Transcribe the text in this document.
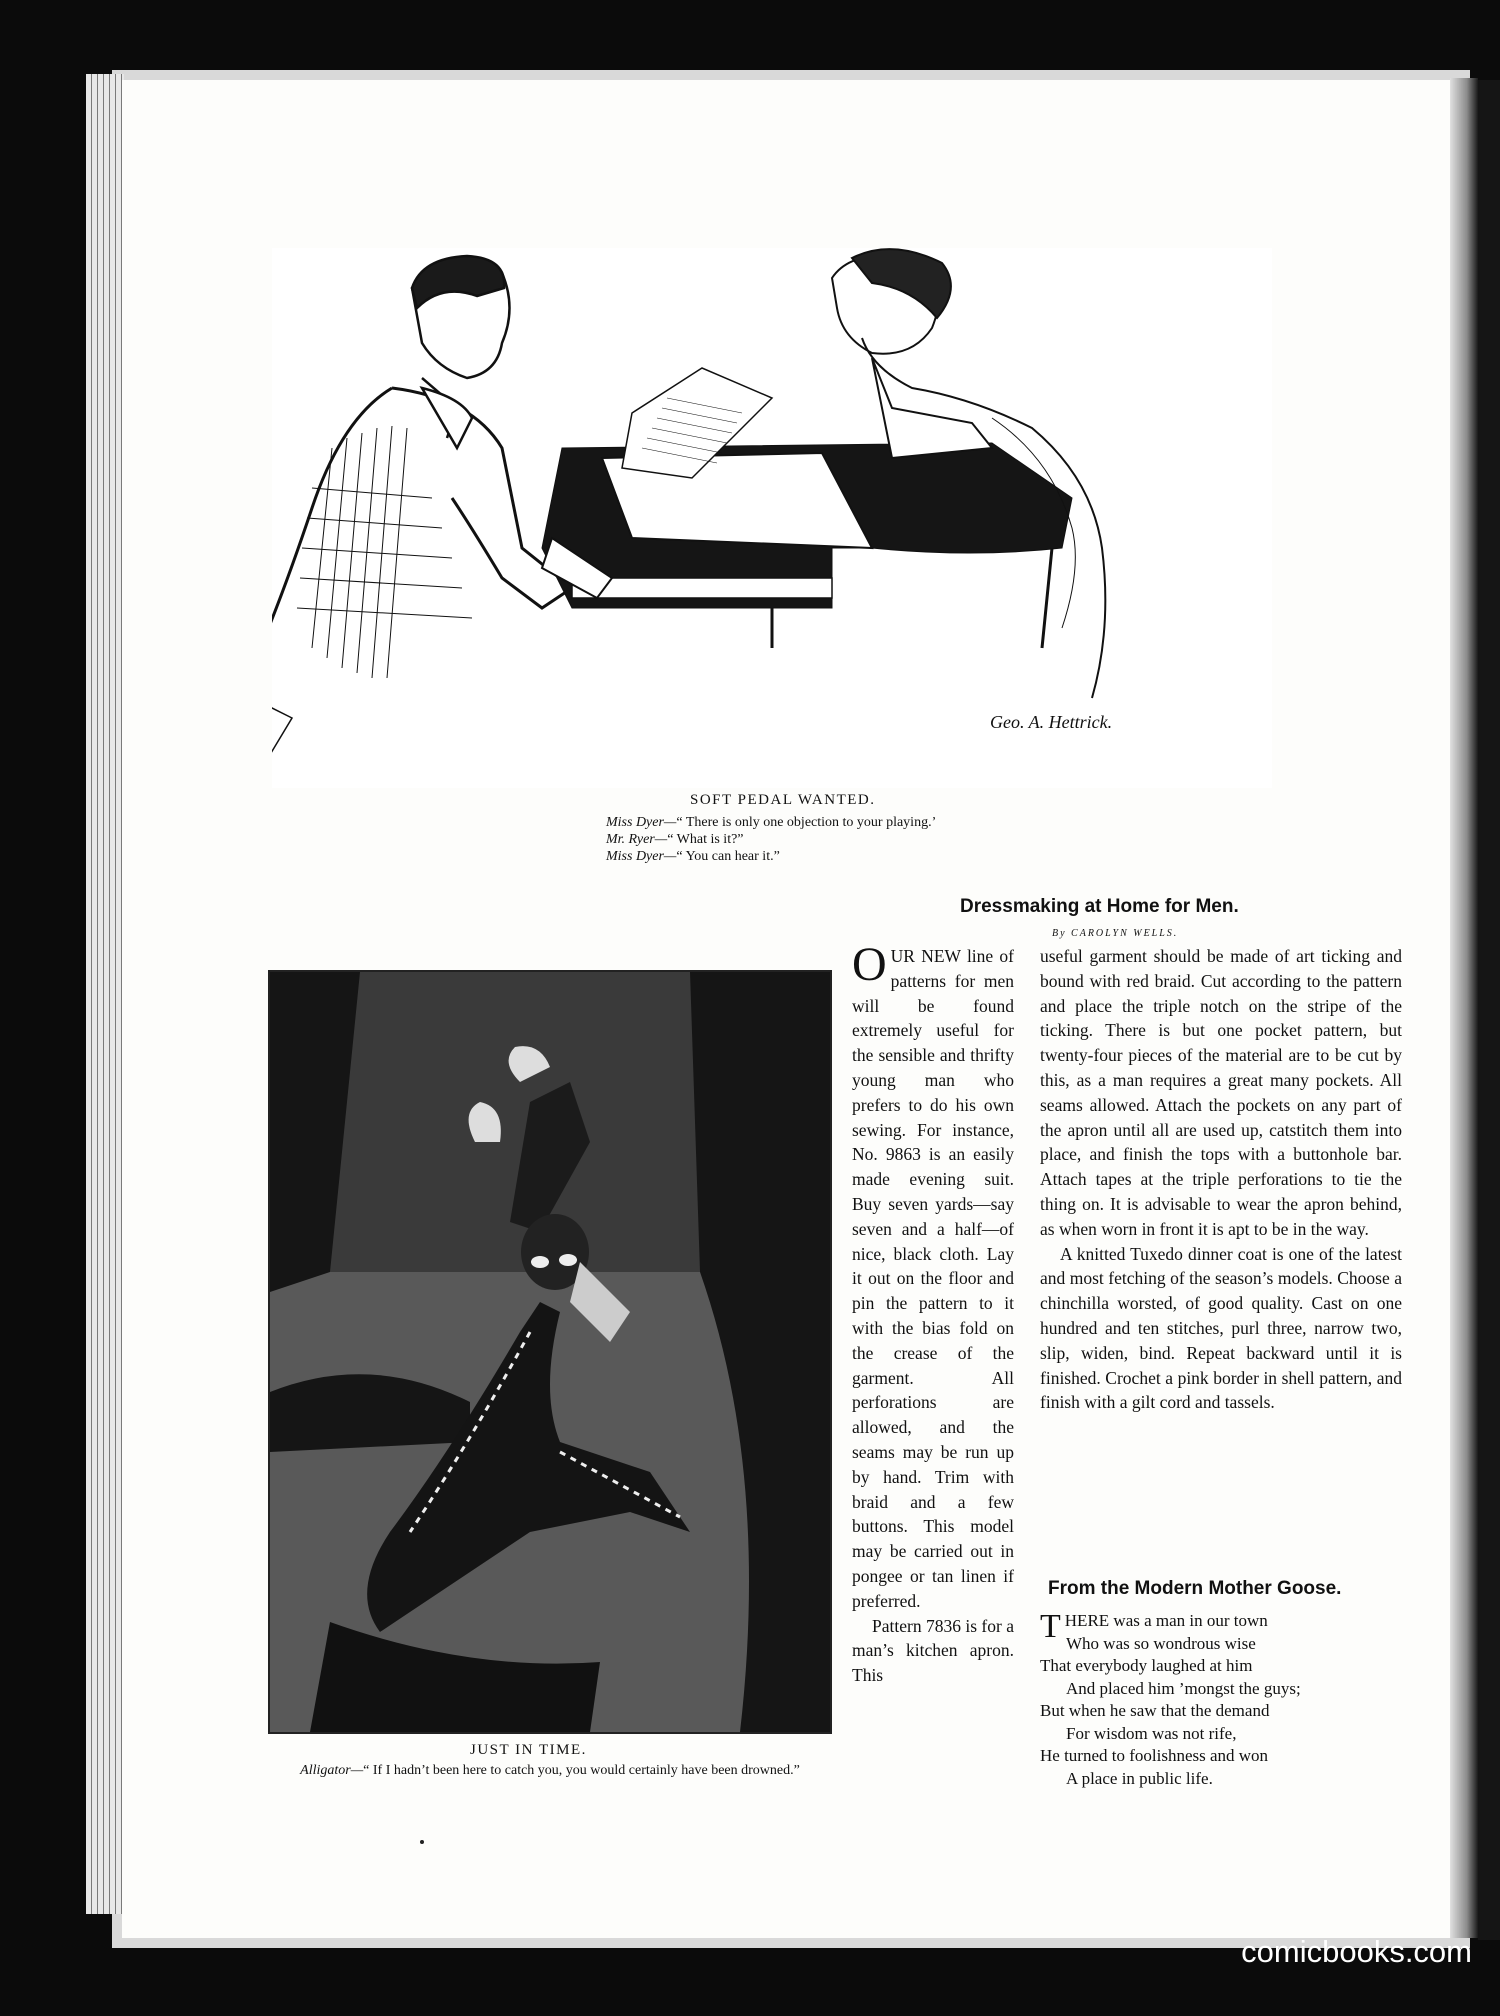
Geo. A. Hettrick.
SOFT PEDAL WANTED.
Miss Dyer—“ There is only one objection to your playing.’
Mr. Ryer—“ What is it?”
Miss Dyer—“ You can hear it.”
JUST IN TIME.
Alligator—“ If I hadn’t been here to catch you, you would certainly have been drowned.”
Dressmaking at Home for Men.
By CAROLYN WELLS.

OUR NEW line of patterns for men will be found extremely useful for the sensible and thrifty young man who prefers to do his own sewing. For instance, No. 9863 is an easily made evening suit. Buy seven yards—say seven and a half—of nice, black cloth. Lay it out on the floor and pin the pattern to it with the bias fold on the crease of the garment. All perforations are allowed, and the seams may be run up by hand. Trim with braid and a few buttons. This model may be carried out in pongee or tan linen if preferred.

Pattern 7836 is for a man’s kitchen apron. This

useful garment should be made of art ticking and bound with red braid. Cut according to the pattern and place the triple notch on the stripe of the ticking. There is but one pocket pattern, but twenty-four pieces of the material are to be cut by this, as a man requires a great many pockets. All seams allowed. Attach the pockets on any part of the apron until all are used up, catstitch them into place, and finish the tops with a buttonhole bar. Attach tapes at the triple perforations to tie the thing on. It is advisable to wear the apron behind, as when worn in front it is apt to be in the way.

A knitted Tuxedo dinner coat is one of the latest and most fetching of the season’s models. Choose a chinchilla worsted, of good quality. Cast on one hundred and ten stitches, purl three, narrow two, slip, widen, bind. Repeat backward until it is finished. Crochet a pink border in shell pattern, and finish with a gilt cord and tassels.

From the Modern Mother Goose.
T HERE was a man in our town
Who was so wondrous wise
That everybody laughed at him
And placed him ’mongst the guys;
But when he saw that the demand
For wisdom was not rife,
He turned to foolishness and won
A place in public life.
comicbooks.com
